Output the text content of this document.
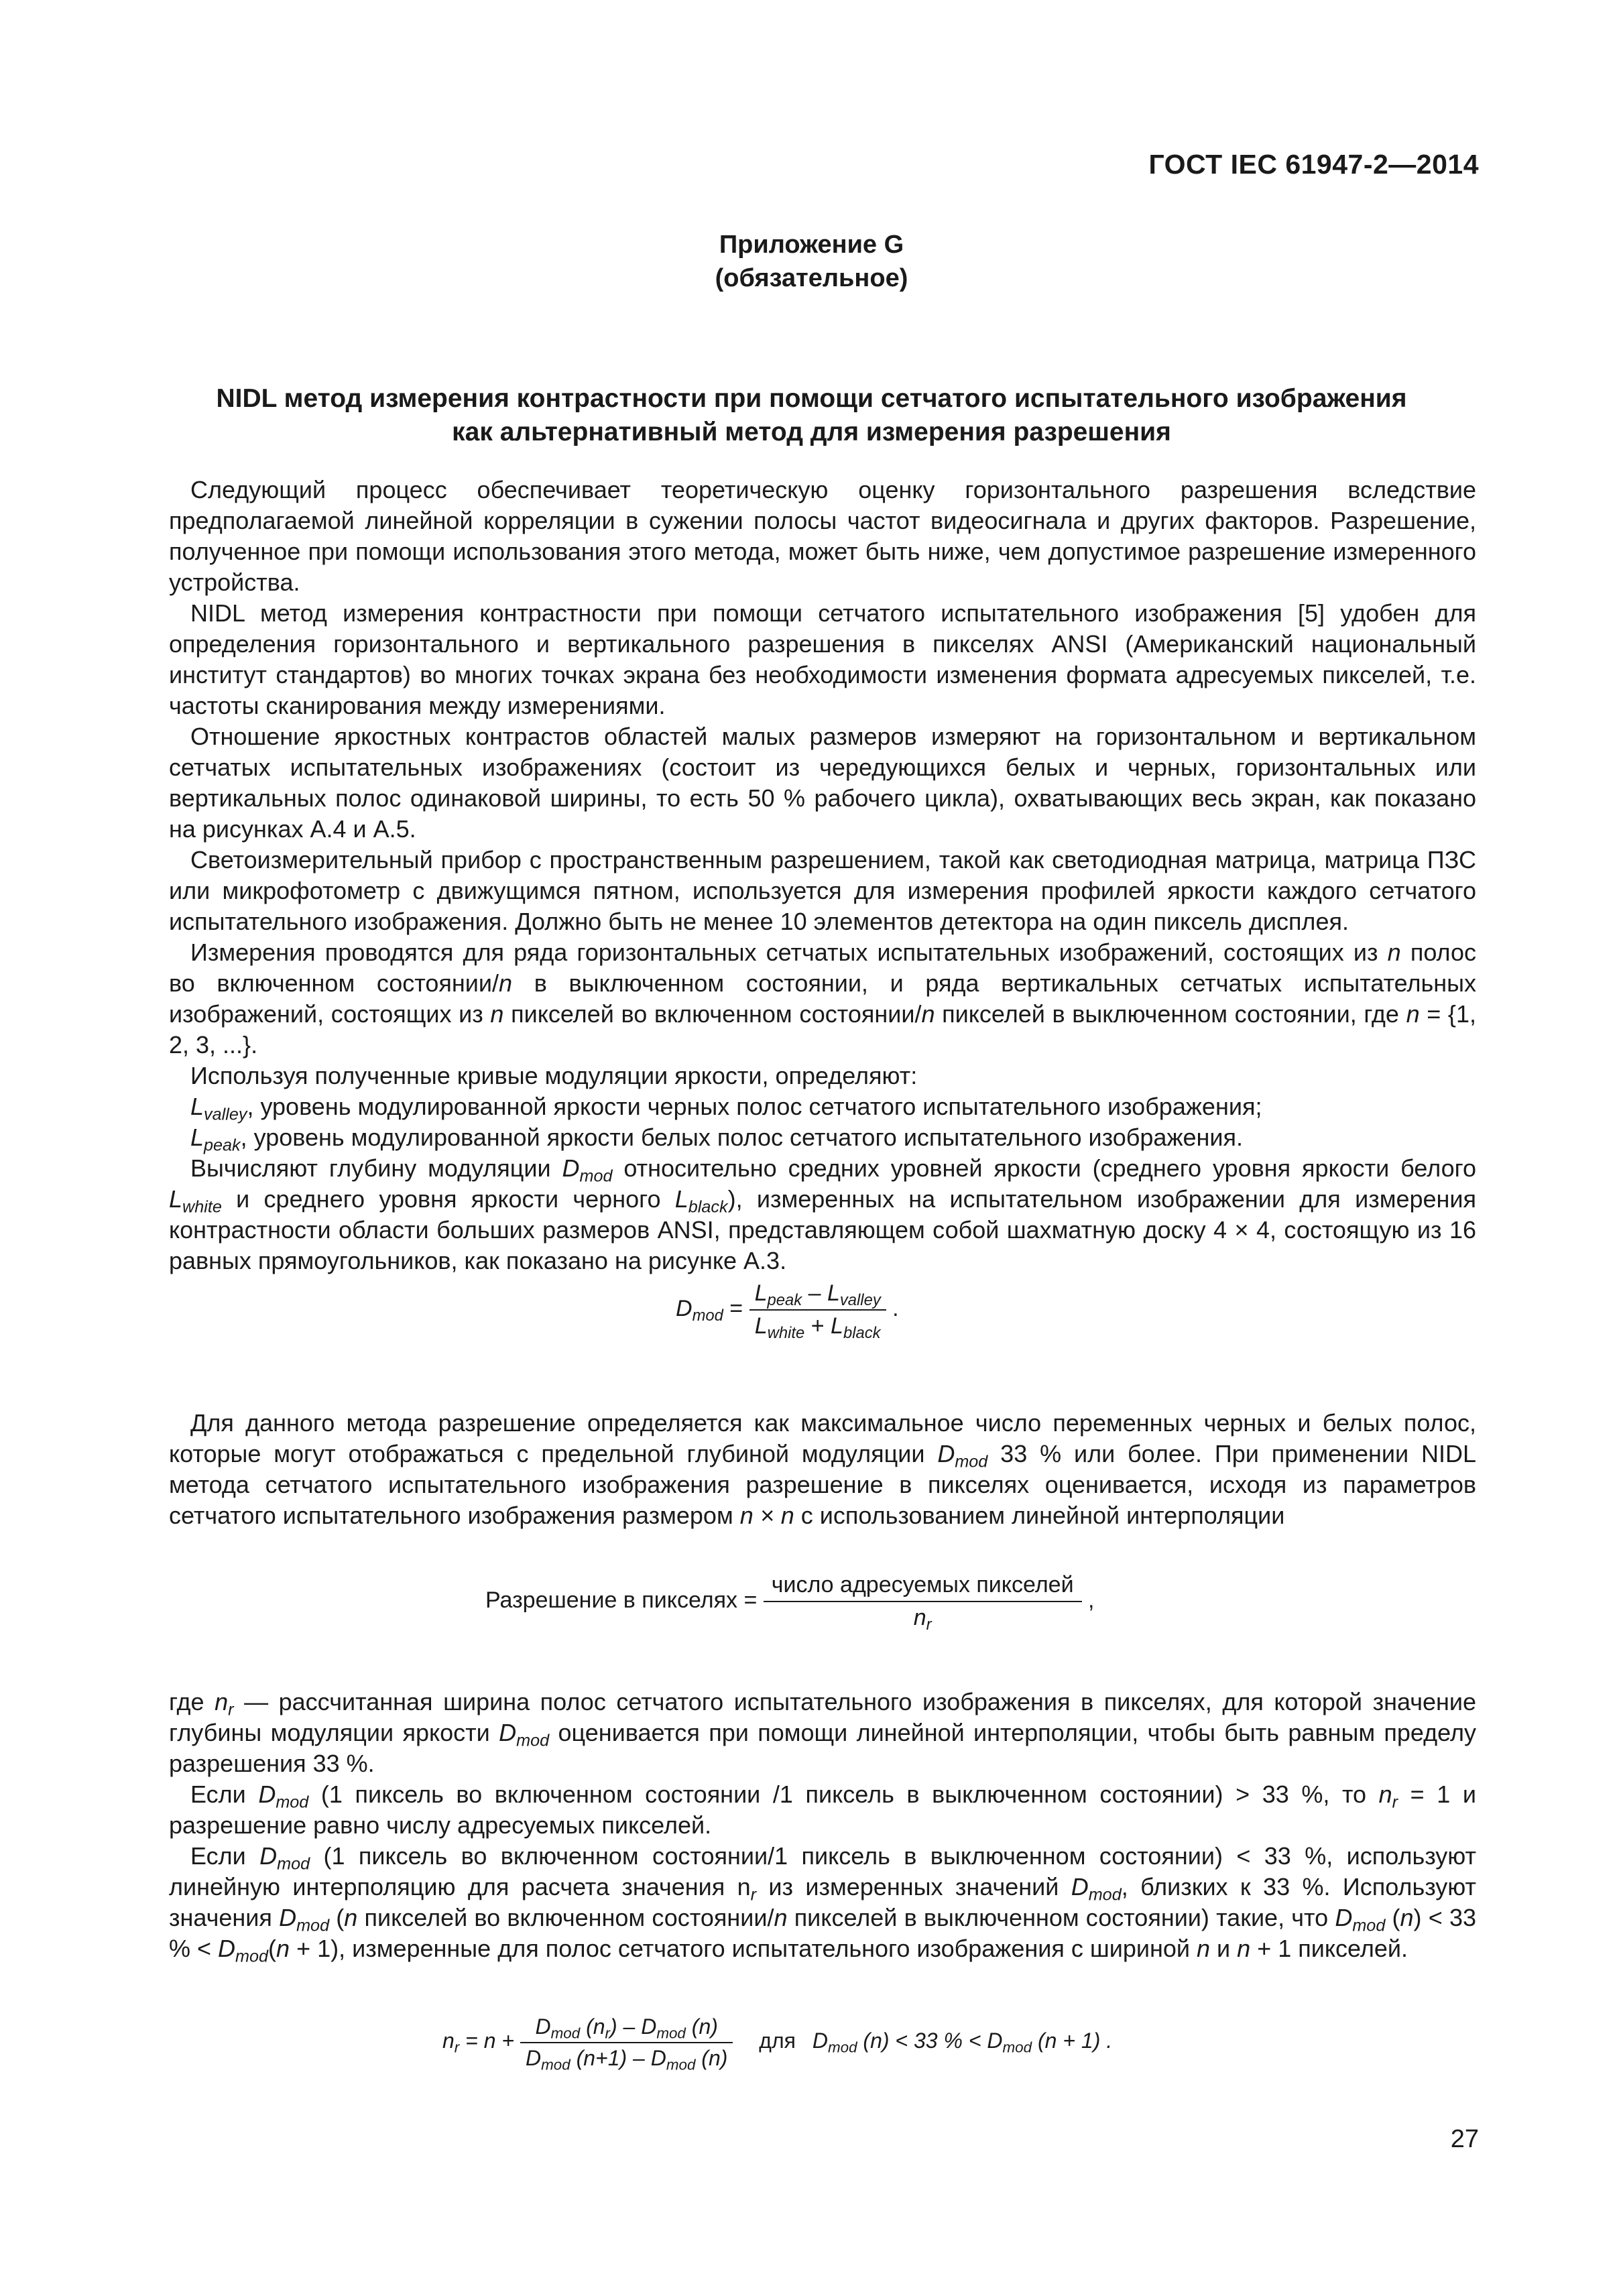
ГОСТ IEC 61947-2—2014
Приложение G
(обязательное)
NIDL метод измерения контрастности при помощи сетчатого испытательного изображения
как альтернативный метод для измерения разрешения

Следующий процесс обеспечивает теоретическую оценку горизонтального разрешения вследствие предполагаемой линейной корреляции в сужении полосы частот видеосигнала и других факторов. Разрешение, полученное при помощи использования этого метода, может быть ниже, чем допустимое разрешение измеренного устройства.

NIDL метод измерения контрастности при помощи сетчатого испытательного изображения [5] удобен для определения горизонтального и вертикального разрешения в пикселях ANSI (Американский национальный институт стандартов) во многих точках экрана без необходимости изменения формата адресуемых пикселей, т.е. частоты сканирования между измерениями.

Отношение яркостных контрастов областей малых размеров измеряют на горизонтальном и вертикальном сетчатых испытательных изображениях (состоит из чередующихся белых и черных, горизонтальных или вертикальных полос одинаковой ширины, то есть 50 % рабочего цикла), охватывающих весь экран, как показано на рисунках А.4 и А.5.

Светоизмерительный прибор с пространственным разрешением, такой как светодиодная матрица, матрица ПЗС или микрофотометр с движущимся пятном, используется для измерения профилей яркости каждого сетчатого испытательного изображения. Должно быть не менее 10 элементов детектора на один пиксель дисплея.

Измерения проводятся для ряда горизонтальных сетчатых испытательных изображений, состоящих из n полос во включенном состоянии/n в выключенном состоянии, и ряда вертикальных сетчатых испытательных изображений, состоящих из n пикселей во включенном состоянии/n пикселей в выключенном состоянии, где n = {1, 2, 3, ...}.

Используя полученные кривые модуляции яркости, определяют:

$L_{valley}$, уровень модулированной яркости черных полос сетчатого испытательного изображения;

$L_{peak}$, уровень модулированной яркости белых полос сетчатого испытательного изображения.

Вычисляют глубину модуляции $D_{mod}$ относительно средних уровней яркости (среднего уровня яркости белого $L_{white}$ и среднего уровня яркости черного $L_{black}$), измеренных на испытательном изображении для измерения контрастности области больших размеров ANSI, представляющем собой шахматную доску 4 × 4, состоящую из 16 равных прямоугольников, как показано на рисунке А.3.

$D_{mod} = \frac{L_{peak} - L_{valley}}{L_{white} + L_{black}}$ .

Для данного метода разрешение определяется как максимальное число переменных черных и белых полос, которые могут отображаться с предельной глубиной модуляции $D_{mod}$ 33 % или более. При применении NIDL метода сетчатого испытательного изображения разрешение в пикселях оценивается, исходя из параметров сетчатого испытательного изображения размером n × n с использованием линейной интерполяции

Разрешение в пикселях = $\frac{\text{число адресуемых пикселей}}{n_r}$ ,

где $n_r$ — рассчитанная ширина полос сетчатого испытательного изображения в пикселях, для которой значение глубины модуляции яркости $D_{mod}$ оценивается при помощи линейной интерполяции, чтобы быть равным пределу разрешения 33 %.

Если $D_{mod}$ (1 пиксель во включенном состоянии /1 пиксель в выключенном состоянии) > 33 %, то $n_r = 1$ и разрешение равно числу адресуемых пикселей.

Если $D_{mod}$ (1 пиксель во включенном состоянии/1 пиксель в выключенном состоянии) < 33 %, используют линейную интерполяцию для расчета значения $n_r$ из измеренных значений $D_{mod}$, близких к 33 %. Используют значения $D_{mod}$ (n пикселей во включенном состоянии/n пикселей в выключенном состоянии) такие, что $D_{mod}$ (n) < 33 % < $D_{mod}(n + 1)$, измеренные для полос сетчатого испытательного изображения с шириной n и n + 1 пикселей.

$n_r = n + \frac{D_{mod} (n_r) - D_{mod} (n)}{D_{mod} (n+1) - D_{mod} (n)}$ для $D_{mod}$ (n) < 33 % < $D_{mod}$ (n + 1) .
27
